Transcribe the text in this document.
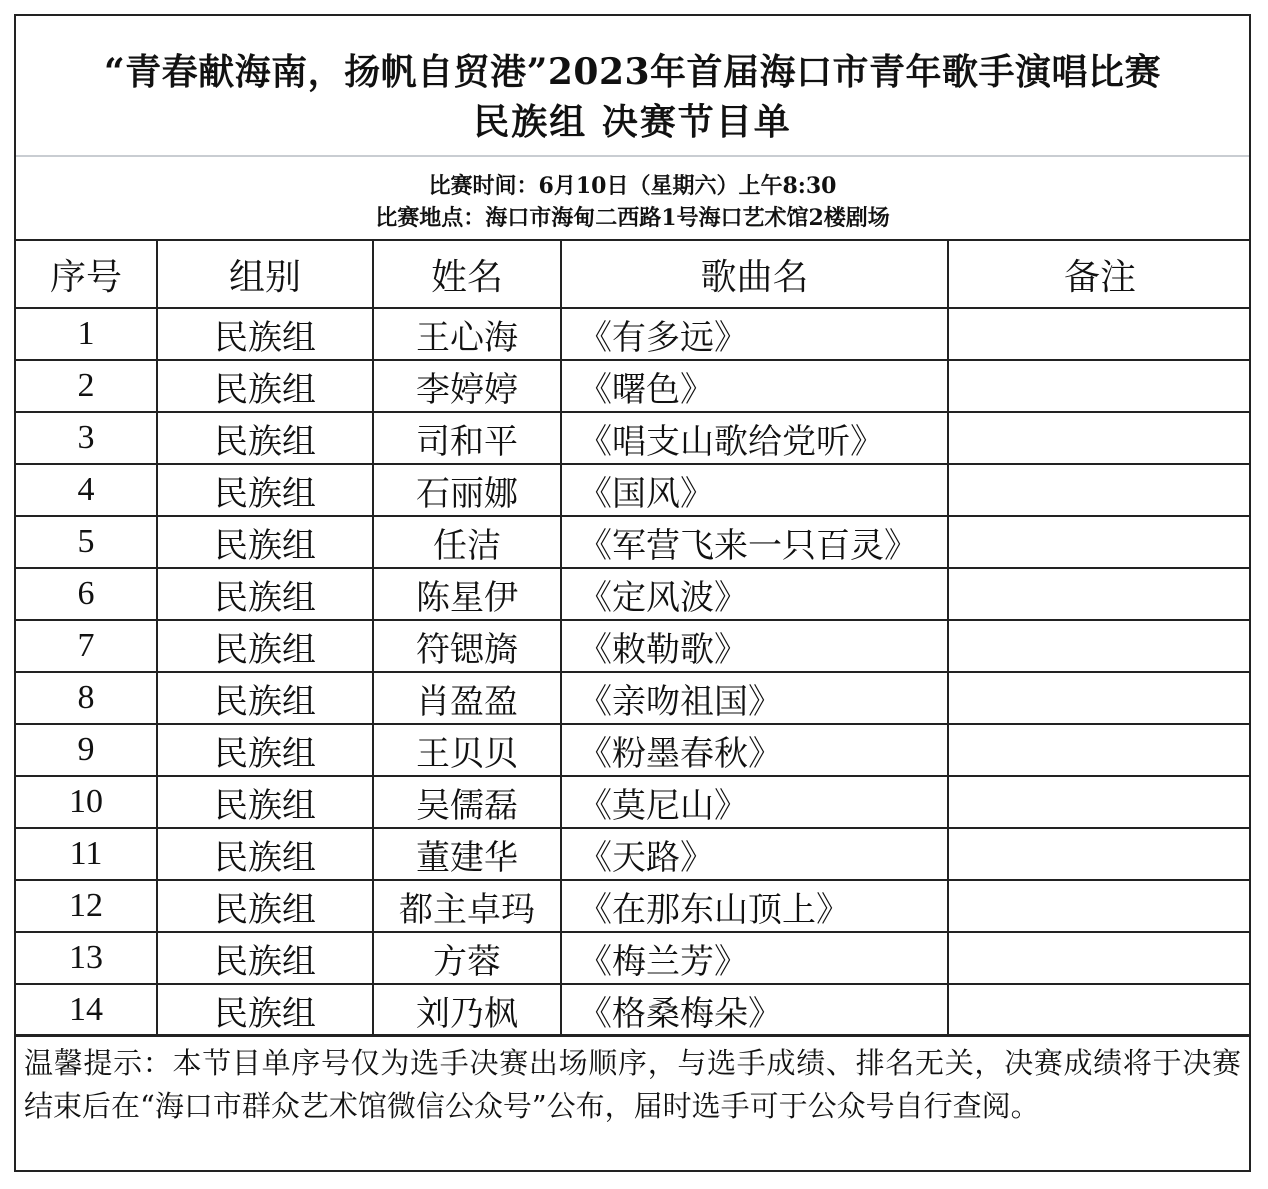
“青春献海南，扬帆自贸港”2023年首届海口市青年歌手演唱比赛
民族组 决赛节目单
比赛时间：6月10日（星期六）上午8:30
比赛地点：海口市海甸二西路1号海口艺术馆2楼剧场
序号	组别	姓名	歌曲名	备注
1	民族组	王心海	《有多远》	
2	民族组	李婷婷	《曙色》	
3	民族组	司和平	《唱支山歌给党听》	
4	民族组	石丽娜	《国风》	
5	民族组	任洁	《军营飞来一只百灵》	
6	民族组	陈星伊	《定风波》	
7	民族组	符锶旖	《敕勒歌》	
8	民族组	肖盈盈	《亲吻祖国》	
9	民族组	王贝贝	《粉墨春秋》	
10	民族组	吴儒磊	《莫尼山》	
11	民族组	董建华	《天路》	
12	民族组	都主卓玛	《在那东山顶上》	
13	民族组	方蓉	《梅兰芳》	
14	民族组	刘乃枫	《格桑梅朵》	
温馨提示：本节目单序号仅为选手决赛出场顺序，与选手成绩、排名无关，决赛成绩将于决赛结束后在“海口市群众艺术馆微信公众号”公布，届时选手可于公众号自行查阅。
